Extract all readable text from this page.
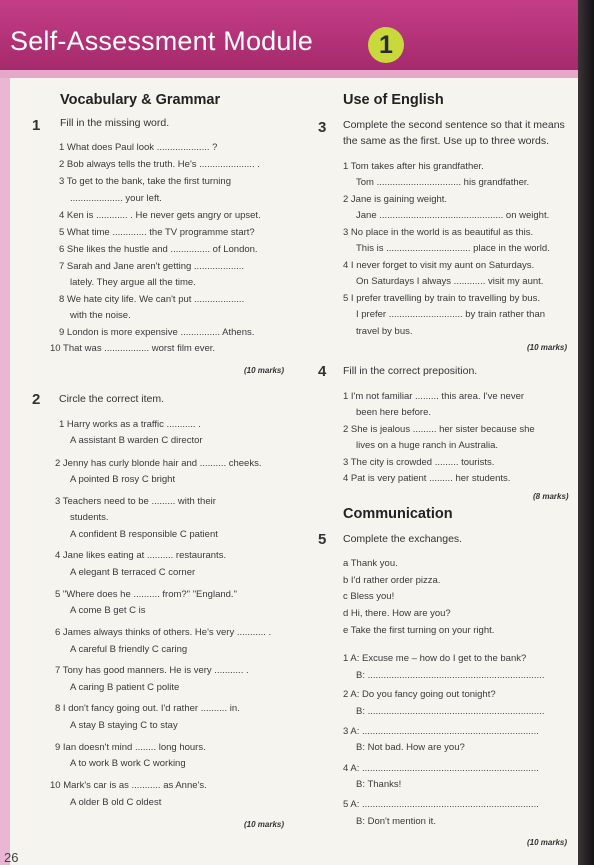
Self-Assessment Module	1
Vocabulary & Grammar
1 Fill in the missing word.
1 What does Paul look .................... ?
2 Bob always tells the truth. He's ..................... .
3 To get to the bank, take the first turning
.................... your left.
4 Ken is ............ . He never gets angry or upset.
5 What time ............. the TV programme start?
6 She likes the hustle and ............... of London.
7 Sarah and Jane aren't getting ...................
lately. They argue all the time.
8 We hate city life. We can't put ...................
with the noise.
9 London is more expensive ............... Athens.
10 That was ................. worst film ever.
(10 marks)
2 Circle the correct item.
1 Harry works as a traffic ........... .
A assistant B warden C director
2 Jenny has curly blonde hair and .......... cheeks.
A pointed B rosy C bright
3 Teachers need to be ......... with their
students.
A confident B responsible C patient
4 Jane likes eating at .......... restaurants.
A elegant B terraced C corner
5 "Where does he .......... from?" "England."
A come B get C is
6 James always thinks of others. He's very ........... .
A careful B friendly C caring
7 Tony has good manners. He is very ........... .
A caring B patient C polite
8 I don't fancy going out. I'd rather .......... in.
A stay B staying C to stay
9 Ian doesn't mind ........ long hours.
A to work B work C working
10 Mark's car is as ........... as Anne's.
A older B old C oldest
(10 marks)
Use of English
3 Complete the second sentence so that it means
the same as the first. Use up to three words.
1 Tom takes after his grandfather.
Tom ................................ his grandfather.
2 Jane is gaining weight.
Jane ............................................... on weight.
3 No place in the world is as beautiful as this.
This is ................................ place in the world.
4 I never forget to visit my aunt on Saturdays.
On Saturdays I always ............ visit my aunt.
5 I prefer travelling by train to travelling by bus.
I prefer ............................ by train rather than
travel by bus.
(10 marks)
4 Fill in the correct preposition.
1 I'm not familiar ......... this area. I've never
been here before.
2 She is jealous ......... her sister because she
lives on a huge ranch in Australia.
3 The city is crowded ......... tourists.
4 Pat is very patient ......... her students.
(8 marks)
Communication
5 Complete the exchanges.
a Thank you.
b I'd rather order pizza.
c Bless you!
d Hi, there. How are you?
e Take the first turning on your right.
1 A: Excuse me – how do I get to the bank?
B: ...................................................................
2 A: Do you fancy going out tonight?
B: ...................................................................
3 A: ...................................................................
B: Not bad. How are you?
4 A: ...................................................................
B: Thanks!
5 A: ...................................................................
B: Don't mention it.
(10 marks)
26
